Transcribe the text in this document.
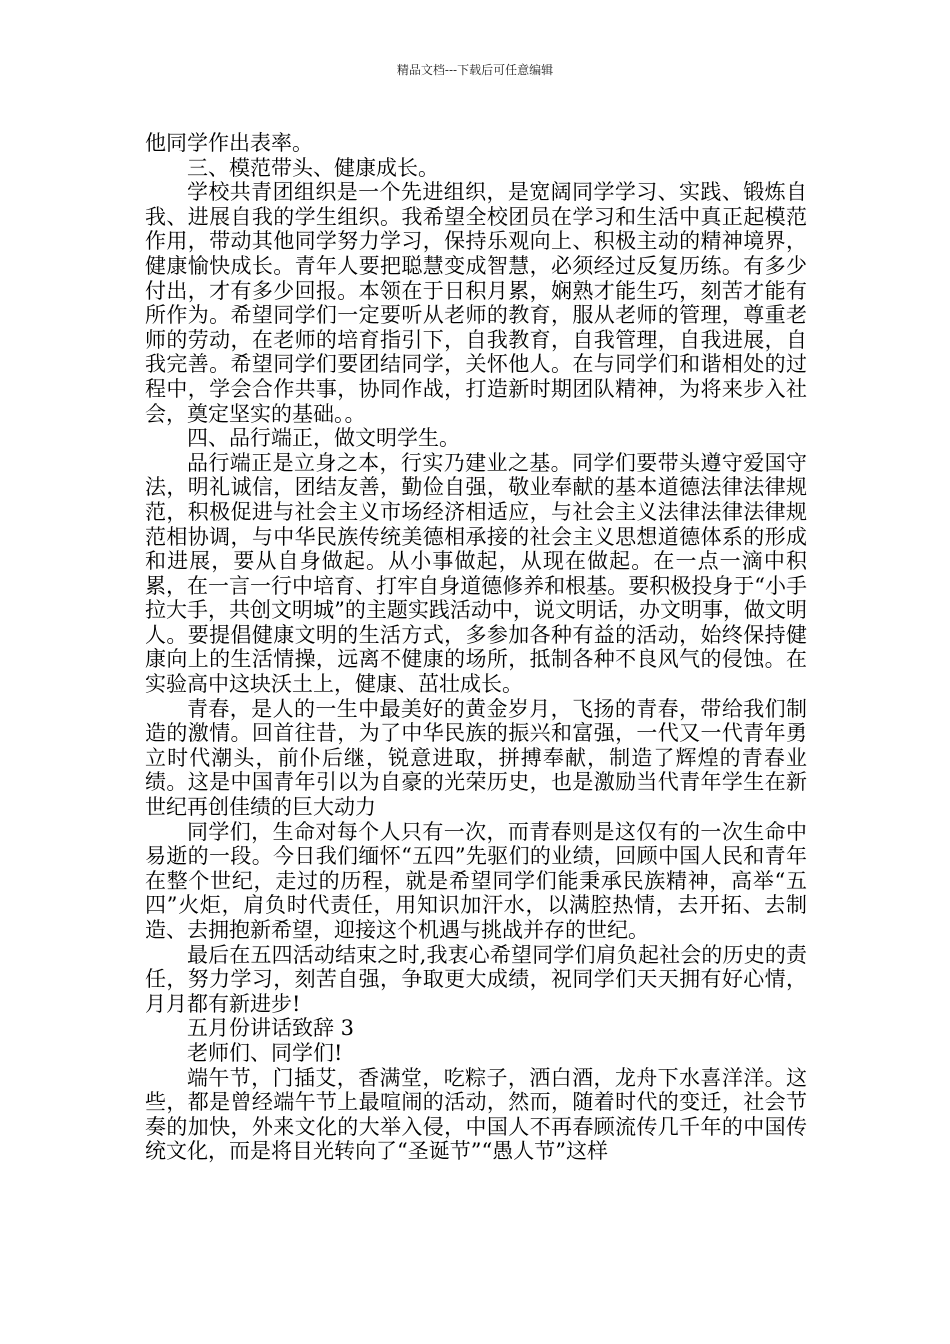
精品文档---下载后可任意编辑

他同学作出表率。

三、模范带头、健康成长。

学校共青团组织是一个先进组织，是宽阔同学学习、实践、锻炼自我、进展自我的学生组织。我希望全校团员在学习和生活中真正起模范作用，带动其他同学努力学习，保持乐观向上、积极主动的精神境界，健康愉快成长。青年人要把聪慧变成智慧，必须经过反复历练。有多少付出，才有多少回报。本领在于日积月累，娴熟才能生巧，刻苦才能有所作为。希望同学们一定要听从老师的教育，服从老师的管理，尊重老师的劳动，在老师的培育指引下，自我教育，自我管理，自我进展，自我完善。希望同学们要团结同学，关怀他人。在与同学们和谐相处的过程中，学会合作共事，协同作战，打造新时期团队精神，为将来步入社会，奠定坚实的基础。。

四、品行端正，做文明学生。

品行端正是立身之本，行实乃建业之基。同学们要带头遵守爱国守法，明礼诚信，团结友善，勤俭自强，敬业奉献的基本道德法律法律规范，积极促进与社会主义市场经济相适应，与社会主义法律法律法律规范相协调，与中华民族传统美德相承接的社会主义思想道德体系的形成和进展，要从自身做起。从小事做起，从现在做起。在一点一滴中积累，在一言一行中培育、打牢自身道德修养和根基。要积极投身于“小手拉大手，共创文明城”的主题实践活动中，说文明话，办文明事，做文明人。要提倡健康文明的生活方式，多参加各种有益的活动，始终保持健康向上的生活情操，远离不健康的场所，抵制各种不良风气的侵蚀。在实验高中这块沃土上，健康、茁壮成长。

青春，是人的一生中最美好的黄金岁月，飞扬的青春，带给我们制造的激情。回首往昔，为了中华民族的振兴和富强，一代又一代青年勇立时代潮头，前仆后继，锐意进取，拼搏奉献，制造了辉煌的青春业绩。这是中国青年引以为自豪的光荣历史，也是激励当代青年学生在新世纪再创佳绩的巨大动力

同学们，生命对每个人只有一次，而青春则是这仅有的一次生命中易逝的一段。今日我们缅怀“五四”先驱们的业绩，回顾中国人民和青年在整个世纪，走过的历程，就是希望同学们能秉承民族精神，高举“五四”火炬，肩负时代责任，用知识加汗水，以满腔热情，去开拓、去制造、去拥抱新希望，迎接这个机遇与挑战并存的世纪。

最后在五四活动结束之时,我衷心希望同学们肩负起社会的历史的责任，努力学习，刻苦自强，争取更大成绩，祝同学们天天拥有好心情，月月都有新进步!

五月份讲话致辞 3

老师们、同学们!

端午节，门插艾，香满堂，吃粽子，洒白酒，龙舟下水喜洋洋。这些，都是曾经端午节上最喧闹的活动，然而，随着时代的变迁，社会节奏的加快，外来文化的大举入侵，中国人不再春顾流传几千年的中国传统文化，而是将目光转向了“圣诞节”“愚人节”这样
